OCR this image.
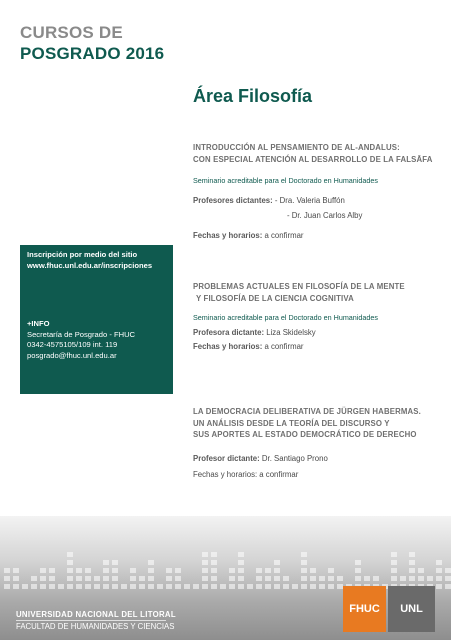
CURSOS DE
POSGRADO 2016
Área Filosofía
INTRODUCCIÓN AL PENSAMIENTO DE AL-ANDALUS:
CON ESPECIAL ATENCIÓN AL DESARROLLO DE LA FALSĀFA
Seminario acreditable para el Doctorado en Humanidades
Profesores dictantes: - Dra. Valeria Buffón
- Dr. Juan Carlos Alby
Fechas y horarios: a confirmar
Inscripción por medio del sitio
www.fhuc.unl.edu.ar/inscripciones
+INFO
Secretaría de Posgrado - FHUC
0342-4575105/109 int. 119
posgrado@fhuc.unl.edu.ar
PROBLEMAS ACTUALES EN FILOSOFÍA DE LA MENTE
Y FILOSOFÍA DE LA CIENCIA COGNITIVA
Seminario acreditable para el Doctorado en Humanidades
Profesora dictante: Liza Skidelsky
Fechas y horarios: a confirmar
LA DEMOCRACIA DELIBERATIVA DE JÜRGEN HABERMAS.
UN ANÁLISIS DESDE LA TEORÍA DEL DISCURSO Y
SUS APORTES AL ESTADO DEMOCRÁTICO DE DERECHO
Profesor dictante: Dr. Santiago Prono
Fechas y horarios: a confirmar
UNIVERSIDAD NACIONAL DEL LITORAL
FACULTAD DE HUMANIDADES Y CIENCIAS
FHUC	UNL
